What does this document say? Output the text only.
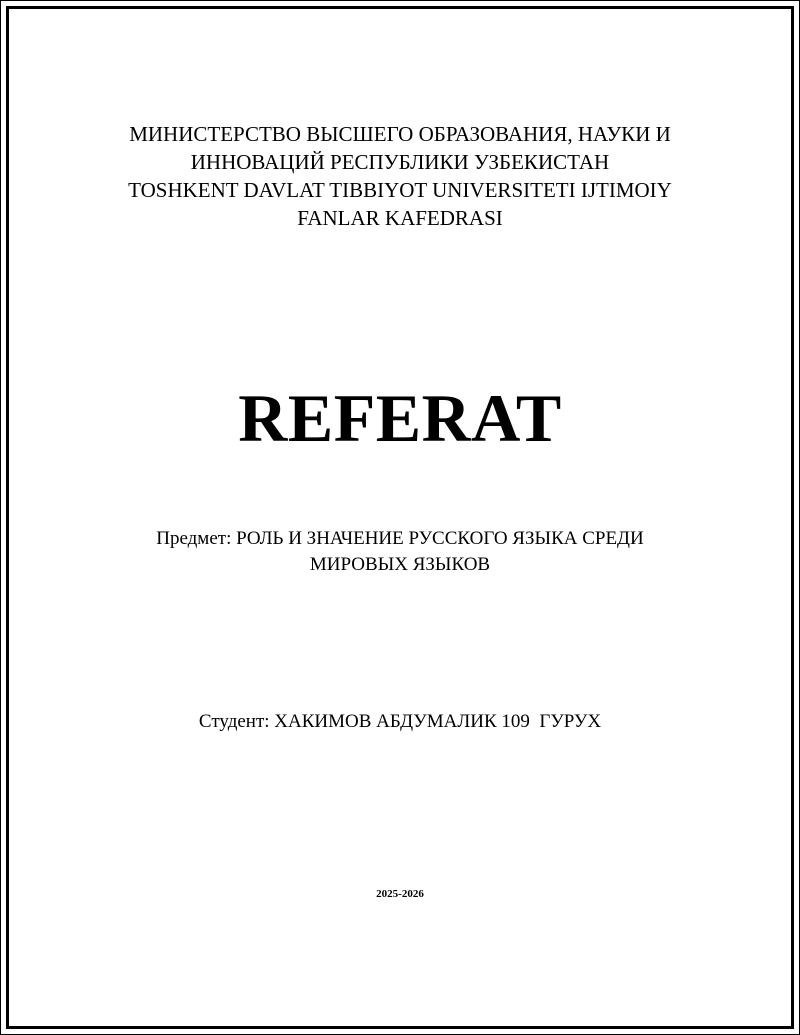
МИНИСТЕРСТВО ВЫСШЕГО ОБРАЗОВАНИЯ, НАУКИ И
ИННОВАЦИЙ РЕСПУБЛИКИ УЗБЕКИСТАН
TOSHKENT DAVLAT TIBBIYOT UNIVERSITETI IJTIMOIY
FANLAR KAFEDRASI
REFERAT
Предмет: РОЛЬ И ЗНАЧЕНИЕ РУССКОГО ЯЗЫКА СРЕДИ
МИРОВЫХ ЯЗЫКОВ
Студент: ХАКИМОВ АБДУМАЛИК 109  ГУРУХ
2025-2026
